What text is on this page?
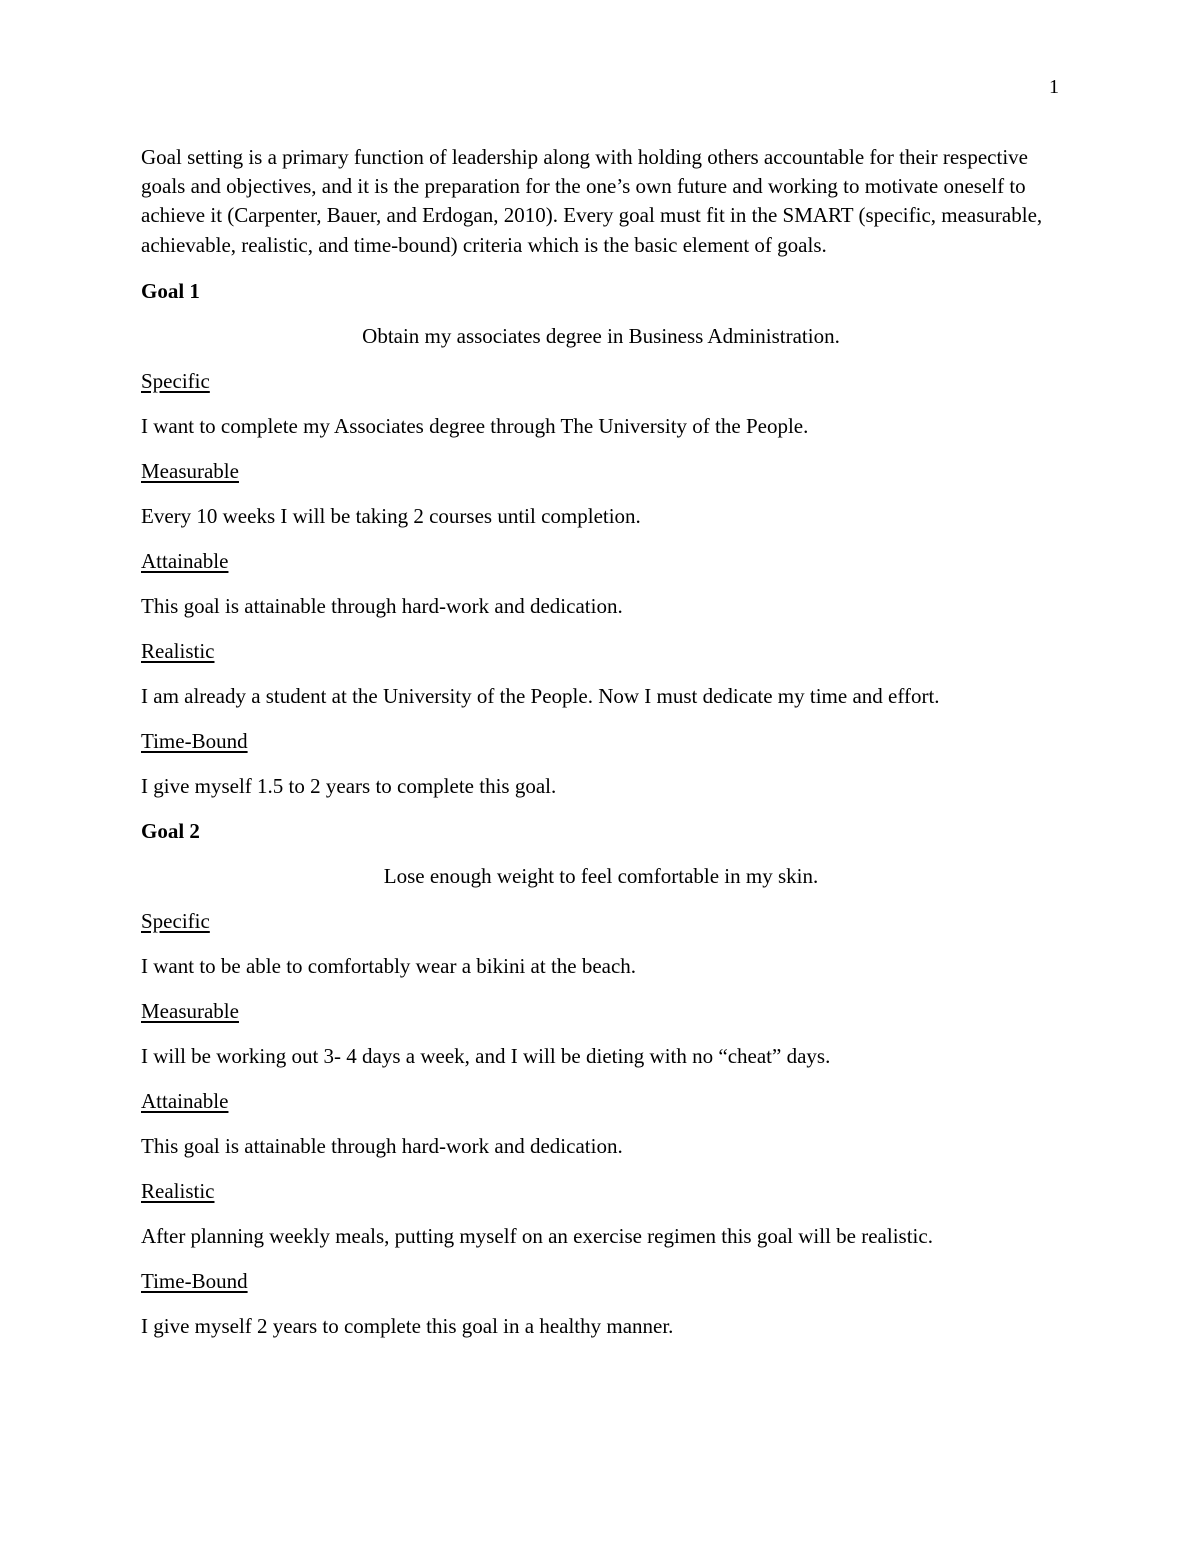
1

Goal setting is a primary function of leadership along with holding others accountable for their respective goals and objectives, and it is the preparation for the one’s own future and working to motivate oneself to achieve it (Carpenter, Bauer, and Erdogan, 2010). Every goal must fit in the SMART (specific, measurable, achievable, realistic, and time-bound) criteria which is the basic element of goals.

Goal 1

Obtain my associates degree in Business Administration.

Specific

I want to complete my Associates degree through The University of the People.

Measurable

Every 10 weeks I will be taking 2 courses until completion.

Attainable

This goal is attainable through hard-work and dedication.

Realistic

I am already a student at the University of the People. Now I must dedicate my time and effort.

Time-Bound

I give myself 1.5 to 2 years to complete this goal.

Goal 2

Lose enough weight to feel comfortable in my skin.

Specific

I want to be able to comfortably wear a bikini at the beach.

Measurable

I will be working out 3- 4 days a week, and I will be dieting with no “cheat” days.

Attainable

This goal is attainable through hard-work and dedication.

Realistic

After planning weekly meals, putting myself on an exercise regimen this goal will be realistic.

Time-Bound

I give myself 2 years to complete this goal in a healthy manner.
